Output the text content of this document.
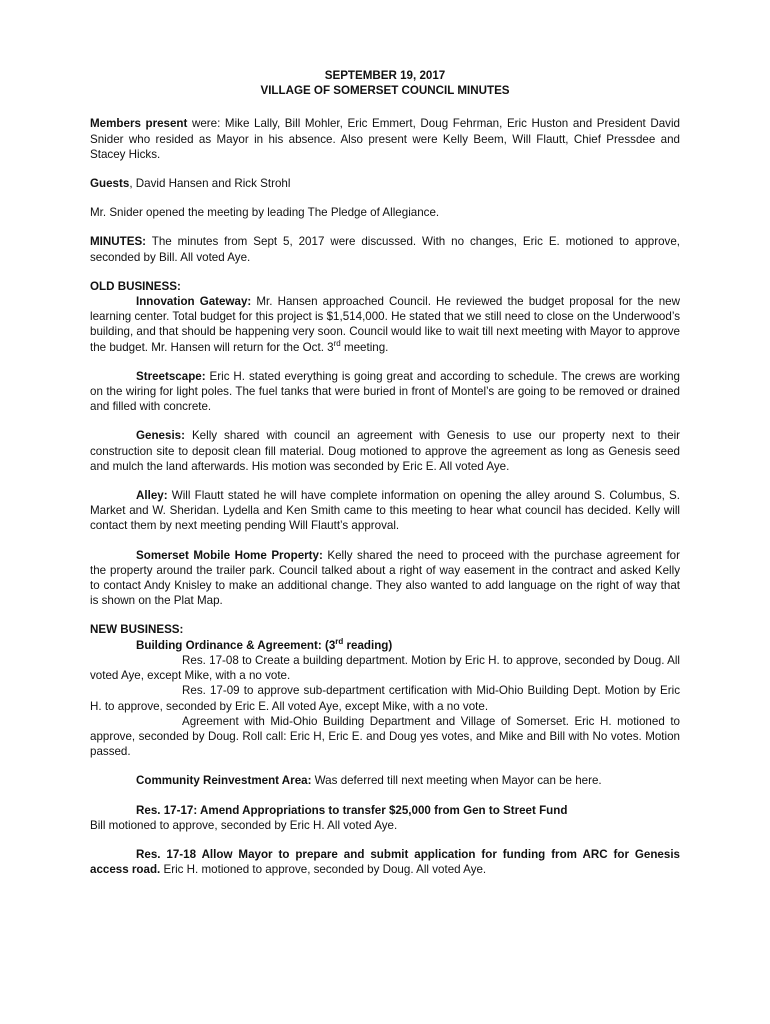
SEPTEMBER 19, 2017
VILLAGE OF SOMERSET COUNCIL MINUTES

Members present were: Mike Lally, Bill Mohler, Eric Emmert, Doug Fehrman, Eric Huston and President David Snider who resided as Mayor in his absence. Also present were Kelly Beem, Will Flautt, Chief Pressdee and Stacey Hicks.

Guests, David Hansen and Rick Strohl

Mr. Snider opened the meeting by leading The Pledge of Allegiance.

MINUTES: The minutes from Sept 5, 2017 were discussed. With no changes, Eric E. motioned to approve, seconded by Bill. All voted Aye.

OLD BUSINESS:

Innovation Gateway: Mr. Hansen approached Council. He reviewed the budget proposal for the new learning center. Total budget for this project is $1,514,000. He stated that we still need to close on the Underwood’s building, and that should be happening very soon. Council would like to wait till next meeting with Mayor to approve the budget. Mr. Hansen will return for the Oct. 3rd meeting.

Streetscape: Eric H. stated everything is going great and according to schedule. The crews are working on the wiring for light poles. The fuel tanks that were buried in front of Montel’s are going to be removed or drained and filled with concrete.

Genesis: Kelly shared with council an agreement with Genesis to use our property next to their construction site to deposit clean fill material. Doug motioned to approve the agreement as long as Genesis seed and mulch the land afterwards. His motion was seconded by Eric E. All voted Aye.

Alley: Will Flautt stated he will have complete information on opening the alley around S. Columbus, S. Market and W. Sheridan. Lydella and Ken Smith came to this meeting to hear what council has decided. Kelly will contact them by next meeting pending Will Flautt’s approval.

Somerset Mobile Home Property: Kelly shared the need to proceed with the purchase agreement for the property around the trailer park. Council talked about a right of way easement in the contract and asked Kelly to contact Andy Knisley to make an additional change. They also wanted to add language on the right of way that is shown on the Plat Map.

NEW BUSINESS:

Building Ordinance & Agreement: (3rd reading)

Res. 17-08 to Create a building department. Motion by Eric H. to approve, seconded by Doug. All voted Aye, except Mike, with a no vote.

Res. 17-09 to approve sub-department certification with Mid-Ohio Building Dept. Motion by Eric H. to approve, seconded by Eric E. All voted Aye, except Mike, with a no vote.

Agreement with Mid-Ohio Building Department and Village of Somerset. Eric H. motioned to approve, seconded by Doug. Roll call: Eric H, Eric E. and Doug yes votes, and Mike and Bill with No votes. Motion passed.

Community Reinvestment Area: Was deferred till next meeting when Mayor can be here.

Res. 17-17: Amend Appropriations to transfer $25,000 from Gen to Street Fund

Bill motioned to approve, seconded by Eric H. All voted Aye.

Res. 17-18 Allow Mayor to prepare and submit application for funding from ARC for Genesis access road. Eric H. motioned to approve, seconded by Doug. All voted Aye.
